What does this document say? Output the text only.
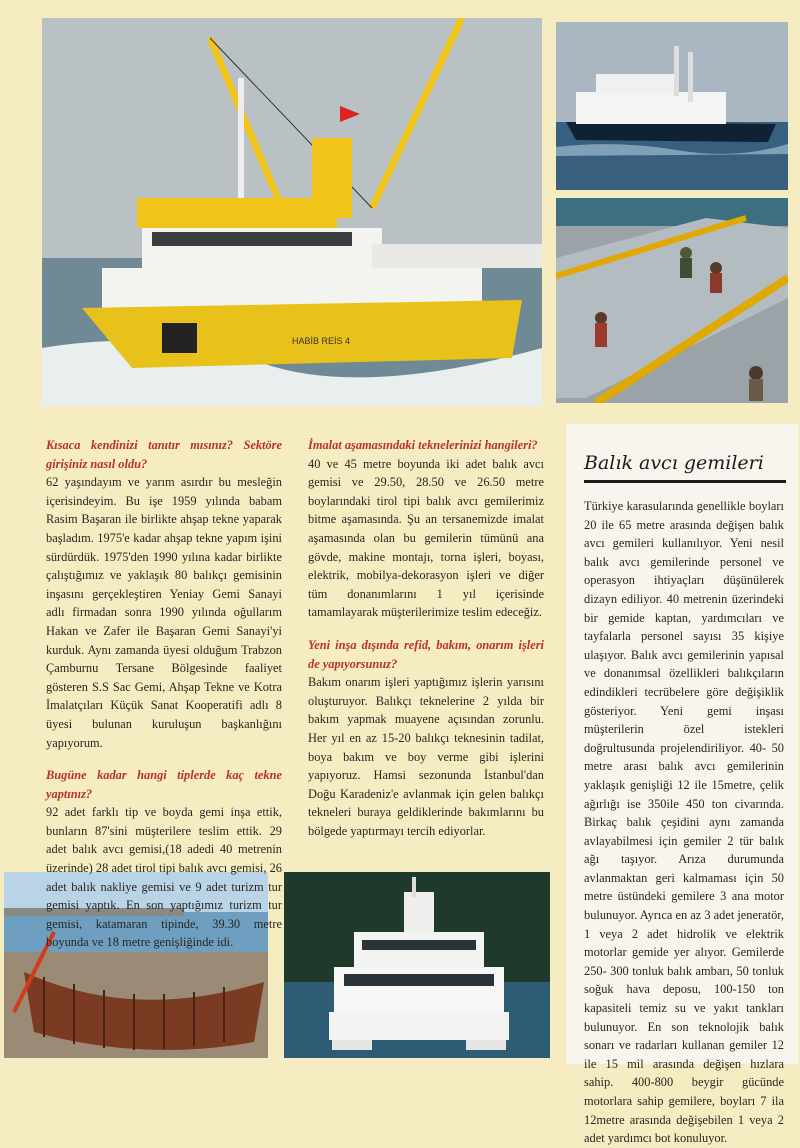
HABİB REİS 4

Kısaca kendinizi tanıtır mısınız? Sektöre girişiniz nasıl oldu?

62 yaşındayım ve yarım asırdır bu mesleğin içerisindeyim. Bu işe 1959 yılında babam Rasim Başaran ile birlikte ahşap tekne yaparak başladım. 1975'e kadar ahşap tekne yapım işini sürdürdük. 1975'den 1990 yılına kadar birlikte çalıştığımız ve yaklaşık 80 balıkçı gemisinin inşasını gerçekleştiren Yeniay Gemi Sanayi adlı firmadan sonra 1990 yılında oğullarım Hakan ve Zafer ile Başaran Gemi Sanayi'yi kurduk. Aynı zamanda üyesi olduğum Trabzon Çamburnu Tersane Bölgesinde faaliyet gösteren S.S Sac Gemi, Ahşap Tekne ve Kotra İmalatçıları Küçük Sanat Kooperatifi adlı 8 üyesi bulunan kuruluşun başkanlığını yapıyorum.

Bugüne kadar hangi tiplerde kaç tekne yaptınız?

92 adet farklı tip ve boyda gemi inşa ettik, bunların 87'sini müşterilere teslim ettik. 29 adet balık avcı gemisi,(18 adedi 40 metrenin üzerinde) 28 adet tirol tipi balık avcı gemisi, 26 adet balık nakliye gemisi ve 9 adet turizm tur gemisi yaptık. En son yaptığımız turizm tur gemisi, katamaran tipinde, 39.30 metre boyunda ve 18 metre genişliğinde idi.

İmalat aşamasındaki teknelerinizi hangileri?

40 ve 45 metre boyunda iki adet balık avcı gemisi ve 29.50, 28.50 ve 26.50 metre boylarındaki tirol tipi balık avcı gemilerimiz bitme aşamasında. Şu an tersanemizde imalat aşamasında olan bu gemilerin tümünü ana gövde, makine montajı, torna işleri, boyası, elektrik, mobilya-dekorasyon işleri ve diğer tüm donanımlarını 1 yıl içerisinde tamamlayarak müşterilerimize teslim edeceğiz.

Yeni inşa dışında refid, bakım, onarım işleri de yapıyorsunuz?

Bakım onarım işleri yaptığımız işlerin yarısını oluşturuyor. Balıkçı teknelerine 2 yılda bir bakım yapmak muayene açısından zorunlu. Her yıl en az 15-20 balıkçı teknesinin tadilat, boya bakım ve boy verme gibi işlerini yapıyoruz. Hamsi sezonunda İstanbul'dan Doğu Karadeniz'e avlanmak için gelen balıkçı tekneleri buraya geldiklerinde bakımlarını bu bölgede yaptırmayı tercih ediyorlar.

Balık avcı gemileri
Türkiye karasularında genellikle boyları 20 ile 65 metre arasında değişen balık avcı gemileri kullanılıyor. Yeni nesil balık avcı gemilerinde personel ve operasyon ihtiyaçları düşünülerek dizayn ediliyor. 40 metrenin üzerindeki bir gemide kaptan, yardımcıları ve tayfalarla personel sayısı 35 kişiye ulaşıyor. Balık avcı gemilerinin yapısal ve donanımsal özellikleri balıkçıların edindikleri tecrübelere göre değişiklik gösteriyor. Yeni gemi inşası müşterilerin özel istekleri doğrultusunda projelendiriliyor. 40- 50 metre arası balık avcı gemilerinin yaklaşık genişliği 12 ile 15metre, çelik ağırlığı ise 350ile 450 ton civarında. Birkaç balık çeşidini aynı zamanda avlayabilmesi için gemiler 2 tür balık ağı taşıyor. Arıza durumunda avlanmaktan geri kalmaması için 50 metre üstündeki gemilere 3 ana motor bulunuyor. Ayrıca en az 3 adet jeneratör, 1 veya 2 adet hidrolik ve elektrik motorlar gemide yer alıyor. Gemilerde 250- 300 tonluk balık ambarı, 50 tonluk soğuk hava deposu, 100-150 ton kapasiteli temiz su ve yakıt tankları bulunuyor. En son teknolojik balık sonarı ve radarları kullanan gemiler 12 ile 15 mil arasında değişen hızlara sahip. 400-800 beygir gücünde motorlara sahip gemilere, boyları 7 ila 12metre arasında değişebilen 1 veya 2 adet yardımcı bot konuluyor.
